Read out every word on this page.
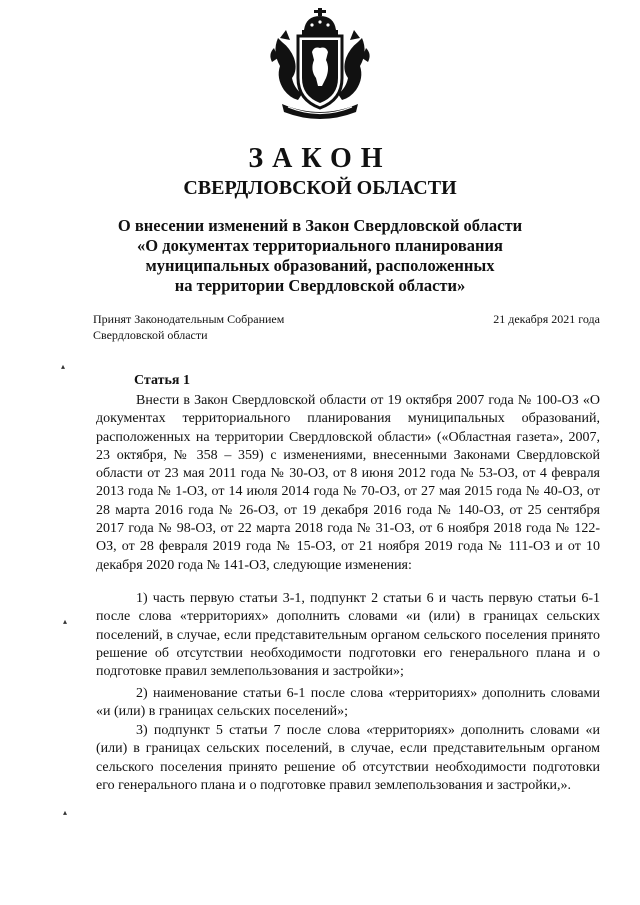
ЗАКОН
СВЕРДЛОВСКОЙ ОБЛАСТИ
О внесении изменений в Закон Свердловской области
«О документах территориального планирования
муниципальных образований, расположенных
на территории Свердловской области»
Принят Законодательным Собранием
Свердловской области
21 декабря 2021 года
▴
▴
▴
Статья 1
Внести в Закон Свердловской области от 19 октября 2007 года № 100-ОЗ «О документах территориального планирования муниципальных образований, расположенных на территории Свердловской области» («Областная газета», 2007, 23 октября, № 358 – 359) с изменениями, внесенными Законами Свердловской области от 23 мая 2011 года № 30-ОЗ, от 8 июня 2012 года № 53-ОЗ, от 4 февраля 2013 года № 1-ОЗ, от 14 июля 2014 года № 70-ОЗ, от 27 мая 2015 года № 40-ОЗ, от 28 марта 2016 года № 26-ОЗ, от 19 декабря 2016 года № 140-ОЗ, от 25 сентября 2017 года № 98-ОЗ, от 22 марта 2018 года № 31-ОЗ, от 6 ноября 2018 года № 122-ОЗ, от 28 февраля 2019 года № 15-ОЗ, от 21 ноября 2019 года № 111-ОЗ и от 10 декабря 2020 года № 141-ОЗ, следующие изменения:
1) часть первую статьи 3-1, подпункт 2 статьи 6 и часть первую статьи 6-1 после слова «территориях» дополнить словами «и (или) в границах сельских поселений, в случае, если представительным органом сельского поселения принято решение об отсутствии необходимости подготовки его генерального плана и о подготовке правил землепользования и застройки»;
2) наименование статьи 6-1 после слова «территориях» дополнить словами «и (или) в границах сельских поселений»;
3) подпункт 5 статьи 7 после слова «территориях» дополнить словами «и (или) в границах сельских поселений, в случае, если представительным органом сельского поселения принято решение об отсутствии необходимости подготовки его генерального плана и о подготовке правил землепользования и застройки,».
